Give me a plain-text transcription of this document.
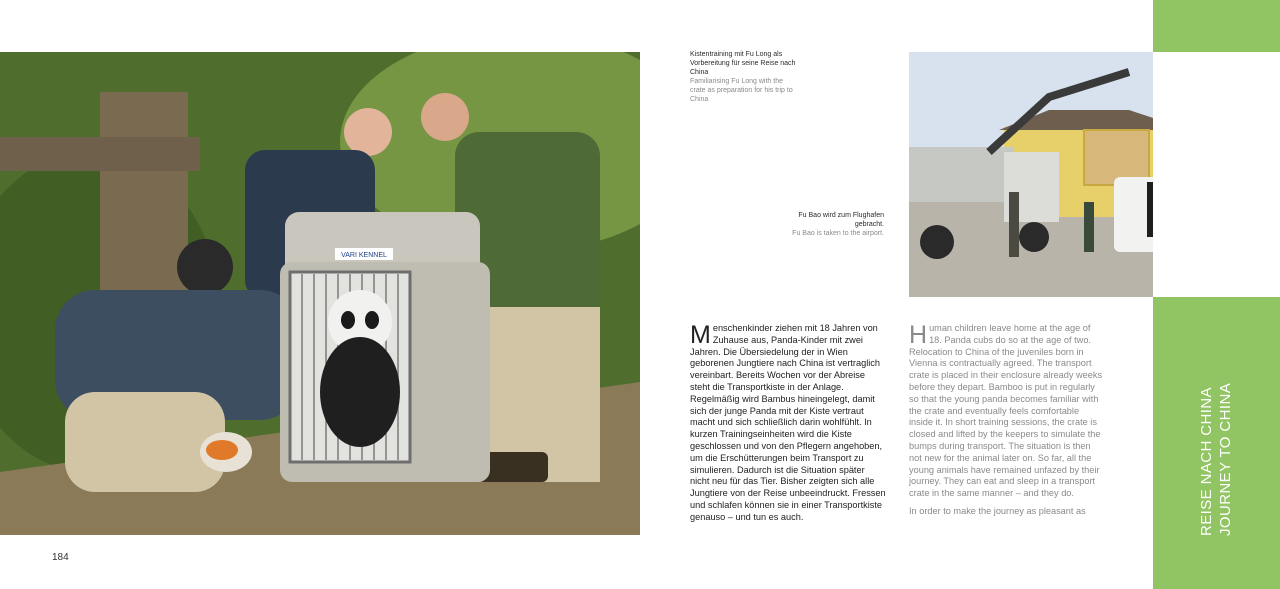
VARI KENNEL
Kistentraining mit Fu Long als Vorbereitung für seine Reise nach China
Familiarising Fu Long with the crate as preparation for his trip to China
Fu Bao wird zum Flughafen gebracht.
Fu Bao is taken to the airport.
Menschenkinder ziehen mit 18 Jahren von Zuhause aus, Panda-Kinder mit zwei Jahren. Die Übersiedelung der in Wien geborenen Jungtiere nach China ist vertraglich vereinbart. Bereits Wochen vor der Abreise steht die Transportkiste in der Anlage. Regelmäßig wird Bambus hineingelegt, damit sich der junge Panda mit der Kiste vertraut macht und sich schließlich darin wohlfühlt. In kurzen Trainingseinheiten wird die Kiste geschlossen und von den Pflegern angehoben, um die Erschütterungen beim Transport zu simulieren. Dadurch ist die Situation später nicht neu für das Tier. Bisher zeigten sich alle Jungtiere von der Reise unbeeindruckt. Fressen und schlafen können sie in einer Transportkiste genauso – und tun es auch.
Human children leave home at the age of 18. Panda cubs do so at the age of two. Relocation to China of the juveniles born in Vienna is contractually agreed. The transport crate is placed in their enclosure already weeks before they depart. Bamboo is put in regularly so that the young panda becomes familiar with the crate and eventually feels comfortable inside it. In short training sessions, the crate is closed and lifted by the keepers to simulate the bumps during transport. The situation is then not new for the animal later on. So far, all the young animals have remained unfazed by their journey. They can eat and sleep in a transport crate in the same manner – and they do.
In order to make the journey as pleasant as
184
REISE NACH CHINA JOURNEY TO CHINA
